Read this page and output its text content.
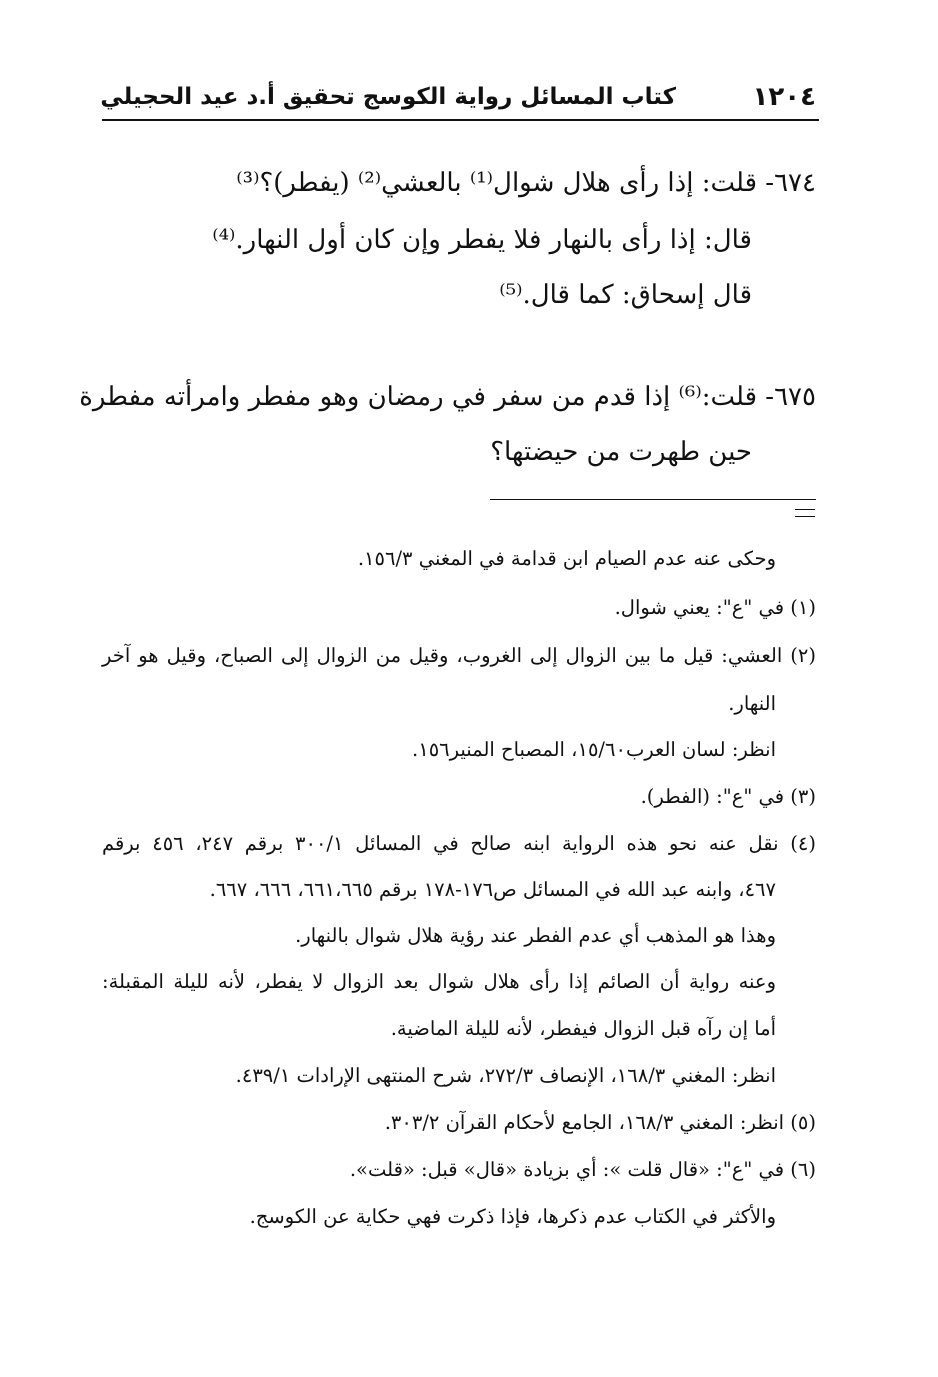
١٢٠٤
كتاب المسائل رواية الكوسج تحقيق أ.د عيد الحجيلي
٦٧٤- قلت: إذا رأى هلال شوال⁽¹⁾ بالعشي⁽²⁾ (يفطر)؟⁽³⁾
قال: إذا رأى بالنهار فلا يفطر وإن كان أول النهار.⁽⁴⁾
قال إسحاق: كما قال.⁽⁵⁾
٦٧٥- قلت:⁽⁶⁾ إذا قدم من سفر في رمضان وهو مفطر وامرأته مفطرة
حين طهرت من حيضتها؟
وحكى عنه عدم الصيام ابن قدامة في المغني ١٥٦/٣.
(١) في "ع": يعني شوال.
(٢) العشي: قيل ما بين الزوال إلى الغروب، وقيل من الزوال إلى الصباح، وقيل هو آخر
النهار.
انظر: لسان العرب١٥/٦٠، المصباح المنير١٥٦.
(٣) في "ع": (الفطر).
(٤) نقل عنه نحو هذه الرواية ابنه صالح في المسائل ٣٠٠/١ برقم ٢٤٧، ٤٥٦ برقم
٤٦٧، وابنه عبد الله في المسائل ص١٧٦-١٧٨ برقم ٦٦١،٦٦٥، ٦٦٦، ٦٦٧.
وهذا هو المذهب أي عدم الفطر عند رؤية هلال شوال بالنهار.
وعنه رواية أن الصائم إذا رأى هلال شوال بعد الزوال لا يفطر، لأنه لليلة المقبلة:
أما إن رآه قبل الزوال فيفطر، لأنه لليلة الماضية.
انظر: المغني ١٦٨/٣، الإنصاف ٢٧٢/٣، شرح المنتهى الإرادات ٤٣٩/١.
(٥) انظر: المغني ١٦٨/٣، الجامع لأحكام القرآن ٣٠٣/٢.
(٦) في "ع": «قال قلت »: أي بزيادة «قال» قبل: «قلت».
والأكثر في الكتاب عدم ذكرها، فإذا ذكرت فهي حكاية عن الكوسج.
